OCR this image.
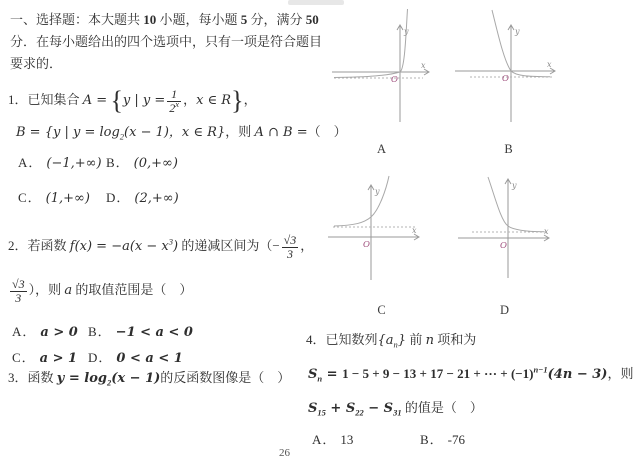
一、选择题：本大题共 10 小题，每小题 5 分，满分 50

分．在每小题给出的四个选项中，只有一项是符合题目

要求的．

1．已知集合 A = {y | $y = \frac{1}{2^x}$ ，x ∈ R}，

B = {y | $y = \log_2(x - 1)$，x ∈ R}，则 A ∩ B =（　）

A． (−1,+∞) B． (0,+∞)

C． (1,+∞) D． (2,+∞)

2．若函数 $f(x) = -a(x - x^3)$ 的递减区间为（− $\frac{√3}{3}$ ，

$\frac{√3}{3}$ ），则 a 的取值范围是（　）

A． a > 0 B． −1 < a < 0

C． a > 1 D． 0 < a < 1

3．函数 $y = \log_2(x - 1)$的反函数图像是（　）

y
x
O
A
y
x
O
B
y
x
O
C
y
x
O
D

4．已知数列$\{a_n\}$ 前 n 项和为

$S_n = 1 - 5 + 9 - 13 + 17 - 21$ + ··· + $(-1)^{n-1}(4n - 3)$，则

$S_{15} + S_{22} - S_{31}$ 的值是（　）

A． 13	B． -76

26
